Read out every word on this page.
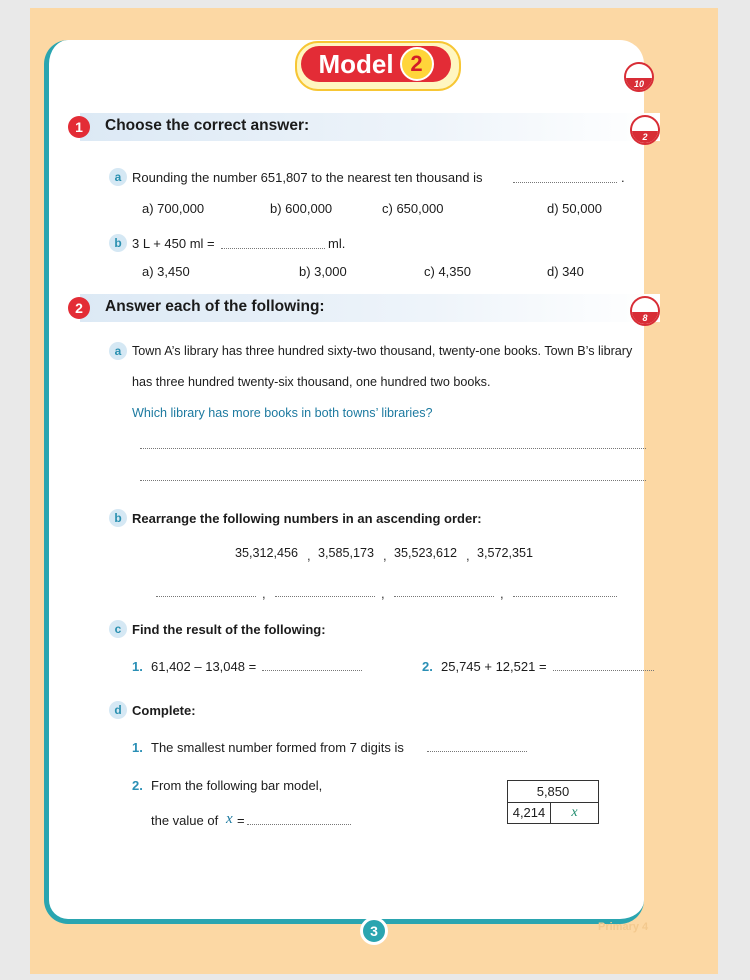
Model 2
10
1	Choose the correct answer:
2
a Rounding the number 651,807 to the nearest ten thousand is	.
a) 700,000	b) 600,000	c) 650,000	d) 50,000
b 3 L + 450 ml =	ml.
a) 3,450	b) 3,000	c) 4,350	d) 340
2	Answer each of the following:
8
a Town A’s library has three hundred sixty-two thousand, twenty-one books. Town B’s library
has three hundred twenty-six thousand, one hundred two books.
Which library has more books in both towns’ libraries?
b Rearrange the following numbers in an ascending order:
35,312,456 , 3,585,173 , 35,523,612 , 3,572,351
,	,	,
c Find the result of the following:
1. 61,402 – 13,048 =	2. 25,745 + 12,521 =
d Complete:
1. The smallest number formed from 7 digits is
2. From the following bar model,
the value of x =
5,850
4,214	x
3	Primary 4
